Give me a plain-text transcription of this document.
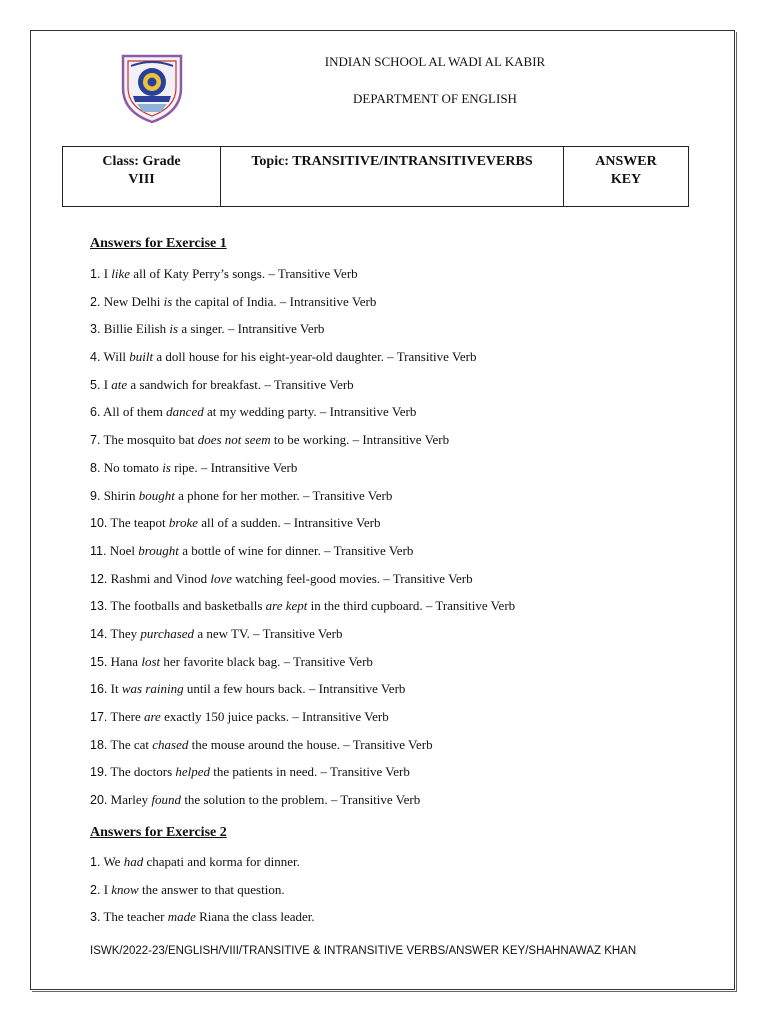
INDIAN SCHOOL AL WADI AL KABIR
DEPARTMENT OF ENGLISH
Class: Grade VIII
	Topic: TRANSITIVE/INTRANSITIVEVERBS	ANSWER KEY
Answers for Exercise 1
1. I like all of Katy Perry’s songs. – Transitive Verb
2. New Delhi is the capital of India. – Intransitive Verb
3. Billie Eilish is a singer. – Intransitive Verb
4. Will built a doll house for his eight-year-old daughter. – Transitive Verb
5. I ate a sandwich for breakfast. – Transitive Verb
6. All of them danced at my wedding party. – Intransitive Verb
7. The mosquito bat does not seem to be working. – Intransitive Verb
8. No tomato is ripe. – Intransitive Verb
9. Shirin bought a phone for her mother. – Transitive Verb
10. The teapot broke all of a sudden. – Intransitive Verb
11. Noel brought a bottle of wine for dinner. – Transitive Verb
12. Rashmi and Vinod love watching feel-good movies. – Transitive Verb
13. The footballs and basketballs are kept in the third cupboard. – Transitive Verb
14. They purchased a new TV. – Transitive Verb
15. Hana lost her favorite black bag. – Transitive Verb
16. It was raining until a few hours back. – Intransitive Verb
17. There are exactly 150 juice packs. – Intransitive Verb
18. The cat chased the mouse around the house. – Transitive Verb
19. The doctors helped the patients in need. – Transitive Verb
20. Marley found the solution to the problem. – Transitive Verb
Answers for Exercise 2
1. We had chapati and korma for dinner.
2. I know the answer to that question.
3. The teacher made Riana the class leader.
ISWK/2022-23/ENGLISH/VIII/TRANSITIVE & INTRANSITIVE VERBS/ANSWER KEY/SHAHNAWAZ KHAN
